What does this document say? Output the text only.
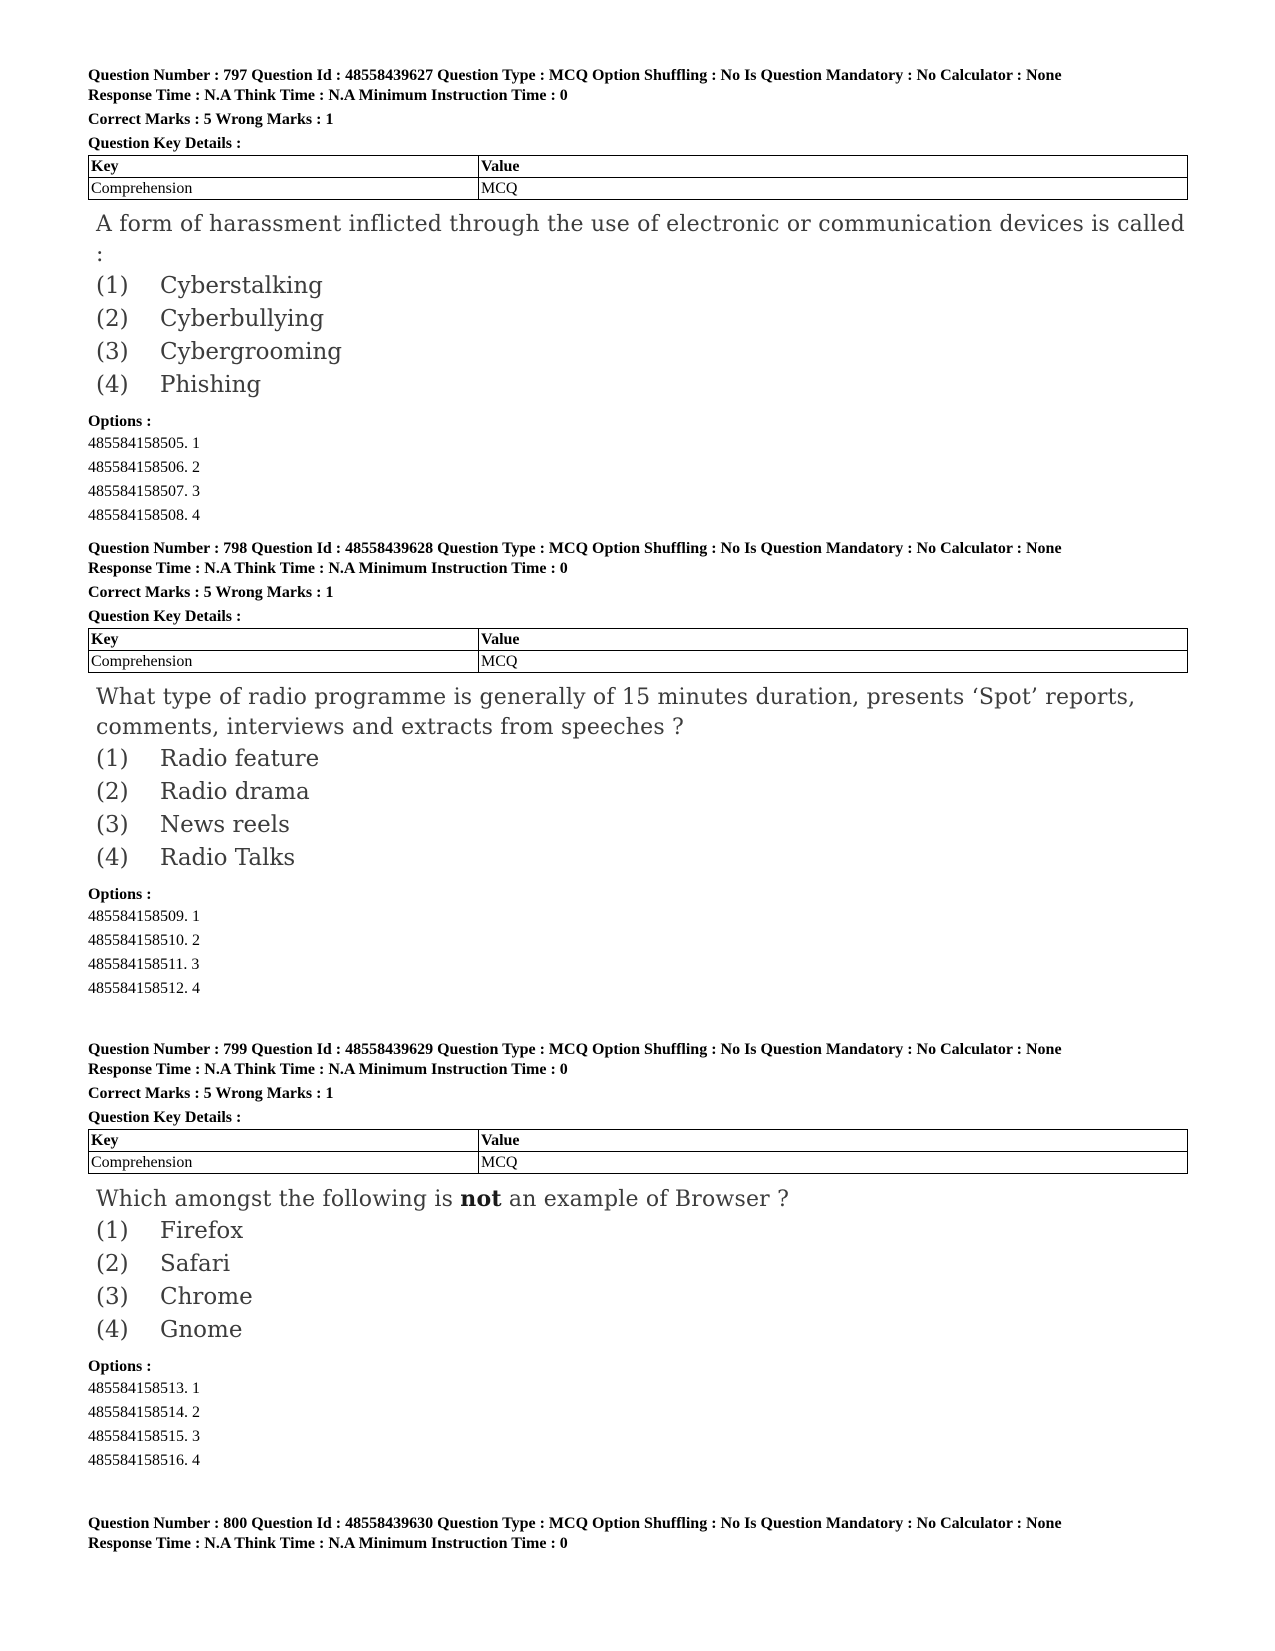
Question Number : 797 Question Id : 48558439627 Question Type : MCQ Option Shuffling : No Is Question Mandatory : No Calculator : None
Response Time : N.A Think Time : N.A Minimum Instruction Time : 0
Correct Marks : 5 Wrong Marks : 1
Question Key Details :
Key	Value
Comprehension	MCQ
A form of harassment inflicted through the use of electronic or communication devices is called :
(1)	Cyberstalking
(2)	Cyberbullying
(3)	Cybergrooming
(4)	Phishing
Options :
485584158505. 1
485584158506. 2
485584158507. 3
485584158508. 4
Question Number : 798 Question Id : 48558439628 Question Type : MCQ Option Shuffling : No Is Question Mandatory : No Calculator : None
Response Time : N.A Think Time : N.A Minimum Instruction Time : 0
Correct Marks : 5 Wrong Marks : 1
Question Key Details :
Key	Value
Comprehension	MCQ
What type of radio programme is generally of 15 minutes duration, presents ‘Spot’ reports,
comments, interviews and extracts from speeches ?
(1)	Radio feature
(2)	Radio drama
(3)	News reels
(4)	Radio Talks
Options :
485584158509. 1
485584158510. 2
485584158511. 3
485584158512. 4
Question Number : 799 Question Id : 48558439629 Question Type : MCQ Option Shuffling : No Is Question Mandatory : No Calculator : None
Response Time : N.A Think Time : N.A Minimum Instruction Time : 0
Correct Marks : 5 Wrong Marks : 1
Question Key Details :
Key	Value
Comprehension	MCQ
Which amongst the following is not an example of Browser ?
(1)	Firefox
(2)	Safari
(3)	Chrome
(4)	Gnome
Options :
485584158513. 1
485584158514. 2
485584158515. 3
485584158516. 4
Question Number : 800 Question Id : 48558439630 Question Type : MCQ Option Shuffling : No Is Question Mandatory : No Calculator : None
Response Time : N.A Think Time : N.A Minimum Instruction Time : 0
